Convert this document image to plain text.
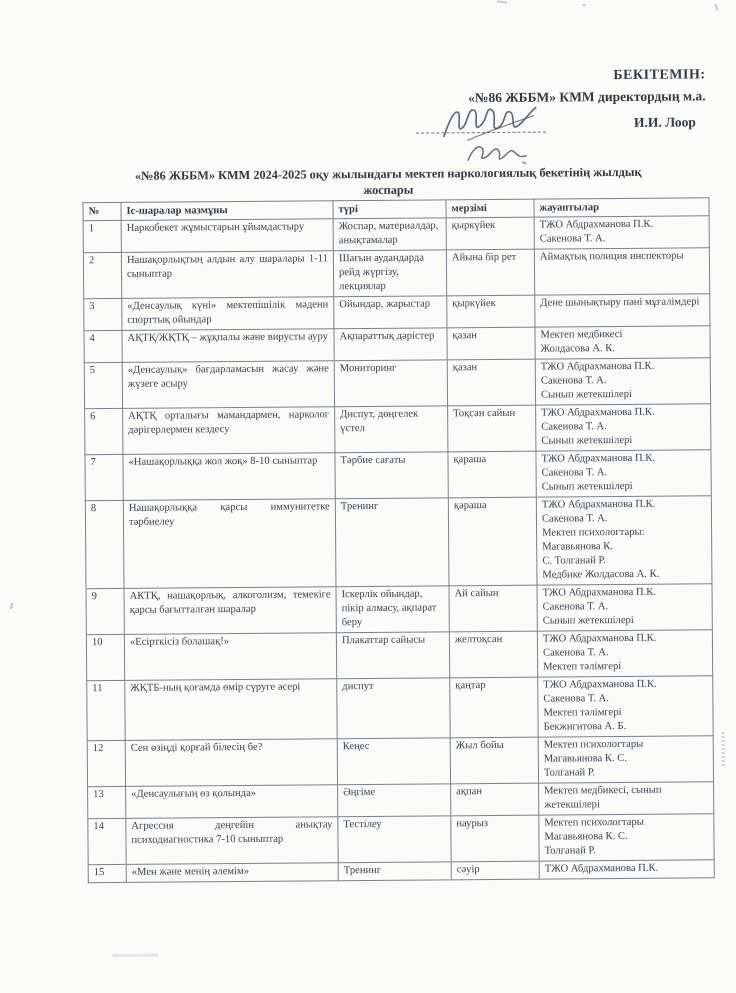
БЕКІТЕМІН:
«№86 ЖББМ» КММ директордың м.а.
И.И. Лоор
«№86 ЖББМ» КММ 2024-2025 оқу жылындағы мектеп наркологиялық бекетінің жылдық
жоспары
№	Іс-шаралар мазмұны	түрі	мерзімі	жауаптылар
1	Наркобекет жұмыстарын ұйымдастыру	Жоспар, материалдар, анықтамалар	қыркүйек	ТЖО Абдрахманова П.К.
Сакенова Т. А.
2	Нашақорлықтың алдын алу шаралары 1-11 сыныптар	Шағын аудандарда рейд жүргізу, лекциялар	Айына бір рет	Аймақтық полиция инспекторы
3	«Денсаулық күні» мектепішілік мәдени спорттық ойындар	Ойындар, жарыстар	қыркүйек	Дене шынықтыру пәні мұғалімдері
4	АҚТҚ/ЖҚТҚ – жұқпалы және вирусты ауру	Ақпараттық дәрістер	қазан	Мектеп медбикесі
Жолдасова А. К.
5	«Денсаулық» бағдарламасын жасау және жүзеге асыру	Мониторинг	қазан	ТЖО Абдрахманова П.К.
Сакенова Т. А.
Сынып жетекшілері
6	АҚТҚ орталығы мамандармен, нарколог дәрігерлермен кездесу	Диспут, дөңгелек үстел	Тоқсан сайын	ТЖО Абдрахманова П.К.
Сакенова Т. А.
Сынып жетекшілері
7	«Нашақорлыққа жол жоқ» 8-10 сыныптар	Тәрбие сағаты	қараша	ТЖО Абдрахманова П.К.
Сакенова Т. А.
Сынып жетекшілері
8	Нашақорлыққа қарсы иммунитетке тәрбиелеу	Тренинг	қараша	ТЖО Абдрахманова П.К.
Сакенова Т. А.
Мектеп психологтары:
Магавьянова К.
С. Толганай Р.
Медбике Жолдасова А. К.
9	АКТҚ, нашақорлық, алкоголизм, темекіге қарсы бағытталған шаралар	Іскерлік ойындар, пікір алмасу, ақпарат беру	Ай сайын	ТЖО Абдрахманова П.К.
Сакенова Т. А.
Сынып жетекшілері
10	«Есірткісіз болашақ!»	Плакаттар сайысы	желтоқсан	ТЖО Абдрахманова П.К.
Сакенова Т. А.
Мектеп тәлімгері
11	ЖҚТБ-ның қоғамда өмір сүруге әсері	диспут	қаңтар	ТЖО Абдрахманова П.К.
Сакенова Т. А.
Мектеп тәлімгері
Бекжигитова А. Б.
12	Сен өзіңді қорғай білесің бе?	Кеңес	Жыл бойы	Мектеп психологтары
Магавьянова К. С.
Толганай Р.
13	«Денсаулығың өз қолында»	Әңгіме	ақпан	Мектеп медбикесі, сынып жетекшілері
14	Агрессия деңгейін анықтау психодиагностика 7-10 сыныптар	Тестілеу	наурыз	Мектеп психологтары
Магавьянова К. С.
Толганай Р.
15	«Мен және менің әлемім»	Тренинг	сәуір	ТЖО Абдрахманова П.К.
